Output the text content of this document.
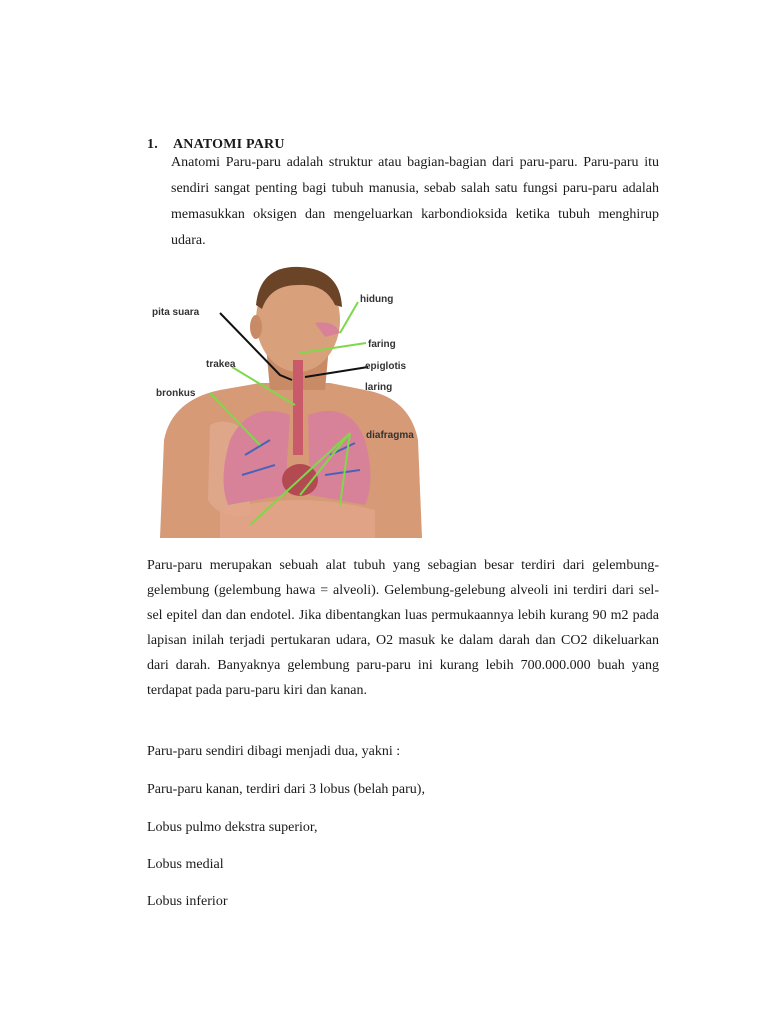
1. ANATOMI PARU

Anatomi Paru-paru adalah struktur atau bagian-bagian dari paru-paru. Paru-paru itu sendiri sangat penting bagi tubuh manusia, sebab salah satu fungsi paru-paru adalah memasukkan oksigen dan mengeluarkan karbondioksida ketika tubuh menghirup udara.

pita suara
hidung
faring
trakea	epiglotis
laring
bronkus
diafragma

Paru-paru merupakan sebuah alat tubuh yang sebagian besar terdiri dari gelembung-gelembung (gelembung hawa = alveoli). Gelembung-gelebung alveoli ini terdiri dari sel-sel epitel dan dan endotel. Jika dibentangkan luas permukaannya lebih kurang 90 m2 pada lapisan inilah terjadi pertukaran udara, O2 masuk ke dalam darah dan CO2 dikeluarkan dari darah. Banyaknya gelembung paru-paru ini kurang lebih 700.000.000 buah yang terdapat pada paru-paru kiri dan kanan.

Paru-paru sendiri dibagi menjadi dua, yakni :
Paru-paru kanan, terdiri dari 3 lobus (belah paru),
Lobus pulmo dekstra superior,
Lobus medial
Lobus inferior
